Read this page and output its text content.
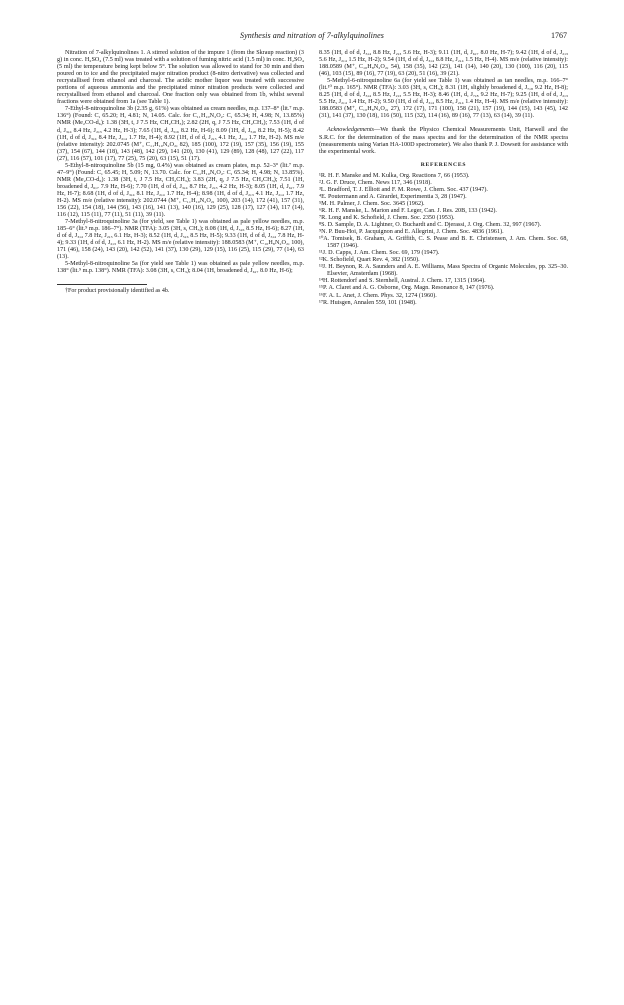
Synthesis and nitration of 7-alkylquinolines	1767

Nitration of 7-alkylquinolines 1. A stirred solution of the impure 1 (from the Skraup reaction) (3 g) in conc. H₂SO₄ (7.5 ml) was treated with a solution of fuming nitric acid (1.5 ml) in conc. H₂SO₄ (5 ml) the temperature being kept below 5°. The solution was allowed to stand for 30 min and then poured on to ice and the precipitated major nitration product (8-nitro derivative) was collected and recrystallised from ethanol and charcoal. The acidic mother liquor was treated with successive portions of aqueous ammonia and the precipitated minor nitration products were collected and recrystallised from ethanol and charcoal. One fraction only was obtained from 1b, whilst several fractions were obtained from 1a (see Table 1).

7-Ethyl-8-nitroquinoline 3b (2.35 g, 61%) was obtained as cream needles, m.p. 137–8° (lit.⁷ m.p. 136°) (Found: C, 65.20; H, 4.81; N, 14.05. Calc. for C₁₁H₁₀N₂O₂: C, 65.34; H, 4.98; N, 13.85%) NMR (Me₂CO-d₆): 1.38 (3H, t, J 7.5 Hz, CH₂CH₃); 2.82 (2H, q, J 7.5 Hz, CH₂CH₃); 7.53 (1H, d of d, J₃,₄ 8.4 Hz, J₂,₃ 4.2 Hz, H-3); 7.65 (1H, d, J₅,₆ 8.2 Hz, H-6); 8.09 (1H, d, J₅,₆ 8.2 Hz, H-5); 8.42 (1H, d of d, J₃,₄ 8.4 Hz, J₂,₄ 1.7 Hz, H-4); 8.92 (1H, d of d, J₂,₃ 4.1 Hz, J₂,₄ 1.7 Hz, H-2). MS m/e (relative intensity): 202.0745 (M⁺, C₁₁H₁₀N₂O₂, 82), 185 (100), 172 (19), 157 (35), 156 (19), 155 (37), 154 (67), 144 (18), 143 (48), 142 (29), 141 (20), 130 (41), 129 (89), 128 (48), 127 (22), 117 (27), 116 (57), 101 (17), 77 (25), 75 (20), 63 (15), 51 (17).

5-Ethyl-8-nitroquinoline 5b (15 mg, 0.4%) was obtained as cream plates, m.p. 52–3° (lit.⁷ m.p. 47–9°) (Found: C, 65.45; H, 5.09; N, 13.70. Calc. for C₁₁H₁₀N₂O₂: C, 65.34; H, 4.98; N, 13.85%). NMR (Me₂CO-d₆): 1.38 (3H, t, J 7.5 Hz, CH₂CH₃); 3.83 (2H, q, J 7.5 Hz, CH₂CH₃); 7.51 (1H, broadened d, J₆,₇ 7.9 Hz, H-6); 7.70 (1H, d of d, J₃,₄ 8.7 Hz, J₂,₃ 4.2 Hz, H-3); 8.05 (1H, d, J₆,₇ 7.9 Hz, H-7); 8.68 (1H, d of d, J₃,₄ 8.1 Hz, J₂,₄ 1.7 Hz, H-4); 8.98 (1H, d of d, J₂,₃ 4.1 Hz, J₂,₄ 1.7 Hz, H-2). MS m/e (relative intensity): 202.0744 (M⁺, C₁₁H₁₀N₂O₂, 100), 203 (14), 172 (41), 157 (31), 156 (22), 154 (18), 144 (56), 143 (16), 141 (13), 140 (16), 129 (25), 128 (17), 127 (14), 117 (14), 116 (12), 115 (11), 77 (11), 51 (11), 39 (11).

7-Methyl-8-nitroquinoline 3a (for yield, see Table 1) was obtained as pale yellow needles, m.p. 185–6° (lit.⁹ m.p. 186–7°). NMR (TFA): 3.05 (3H, s, CH₃); 8.08 (1H, d, J₅,₆ 8.5 Hz, H-6); 8.27 (1H, d of d, J₃,₄ 7.8 Hz, J₂,₃ 6.1 Hz, H-3); 8.52 (1H, d, J₅,₆ 8.5 Hz, H-5); 9.33 (1H, d of d, J₃,₄ 7.8 Hz, H-4); 9.33 (1H, d of d, J₂,₃ 6.1 Hz, H-2). MS m/e (relative intensity): 188.0583 (M⁺, C₁₀H₈N₂O₂, 100), 171 (46), 158 (24), 143 (20), 142 (52), 141 (37), 130 (29), 129 (15), 116 (25), 115 (29), 77 (14), 63 (13).

5-Methyl-8-nitroquinoline 5a (for yield see Table 1) was obtained as pale yellow needles, m.p. 138° (lit.⁹ m.p. 138°). NMR (TFA): 3.08 (3H, s, CH₃); 8.04 (1H, broadened d, J₆,₇ 8.0 Hz, H-6);

†For product provisionally identified as 4b.

8.35 (1H, d of d, J₃,₄ 8.8 Hz, J₂,₃ 5.6 Hz, H-3); 9.11 (1H, d, J₆,₇ 8.0 Hz, H-7); 9.42 (1H, d of d, J₂,₃ 5.6 Hz, J₂,₄ 1.5 Hz, H-2); 9.54 (1H, d of d, J₃,₄ 8.8 Hz, J₂,₄ 1.5 Hz, H-4). MS m/e (relative intensity): 188.0589 (M⁺, C₁₀H₈N₂O₂, 54), 158 (35), 142 (23), 141 (14), 140 (20), 130 (100), 116 (20), 115 (46), 103 (15), 89 (16), 77 (19), 63 (20), 51 (16), 39 (21).

5-Methyl-6-nitroquinoline 6a (for yield see Table 1) was obtained as tan needles, m.p. 166–7° (lit.¹⁰ m.p. 165°). NMR (TFA): 3.03 (3H, s, CH₃); 8.31 (1H, slightly broadened d, J₇,₈ 9.2 Hz, H-8); 8.25 (1H, d of d, J₃,₄ 8.5 Hz, J₂,₃ 5.5 Hz, H-3); 8.46 (1H, d, J₇,₈ 9.2 Hz, H-7); 9.25 (1H, d of d, J₂,₃ 5.5 Hz, J₂,₄ 1.4 Hz, H-2); 9.50 (1H, d of d, J₃,₄ 8.5 Hz, J₂,₄ 1.4 Hz, H-4). MS m/e (relative intensity): 188.0583 (M⁺, C₁₀H₈N₂O₂, 27), 172 (17), 171 (100), 158 (21), 157 (19), 144 (15), 143 (45), 142 (31), 141 (37), 130 (18), 116 (50), 115 (32), 114 (16), 89 (16), 77 (13), 63 (14), 39 (11).

Acknowledgements—We thank the Physico Chemical Measurements Unit, Harwell and the S.R.C. for the determination of the mass spectra and for the determination of the NMR spectra (measurements using Varian HA-100D spectrometer). We also thank P. J. Dowsett for assistance with the experimental work.

REFERENCES

¹R. H. F. Manske and M. Kulka, Org. Reactions 7, 66 (1953).

²J. G. F. Druce, Chem. News 117, 346 (1918).

³L. Bradford, T. J. Elliott and F. M. Rowe, J. Chem. Soc. 437 (1947).

⁴E. Poutermann and A. Girardet, Experimentia 3, 28 (1947).

⁵M. H. Palmer, J. Chem. Soc. 3645 (1962).

⁶R. H. F. Manske, L. Marion and F. Leger, Can. J. Res. 20B, 133 (1942).

⁷R. Long and K. Schofield, J. Chem. Soc. 2350 (1953).

⁸S. D. Sample, D. A. Lightner, O. Buchardt and C. Djerassi, J. Org. Chem. 32, 997 (1967).

⁹N. P. Buu-Hoi, P. Jacquignon and E. Allegrini, J. Chem. Soc. 4836 (1961).

¹⁰A. Tomisek, B. Graham, A. Griffith, C. S. Pease and B. E. Christensen, J. Am. Chem. Soc. 68, 1587 (1946).

¹¹J. D. Capps, J. Am. Chem. Soc. 69, 179 (1947).

¹²K. Schofield, Quart Rev. 4, 382 (1950).

¹³J. H. Beynon, R. A. Saunders and A. E. Williams, Mass Spectra of Organic Molecules, pp. 325–30. Elsevier, Amsterdam (1968).

¹⁴H. Rottendorf and S. Sternhell, Austral. J. Chem. 17, 1315 (1964).

¹⁵P. A. Claret and A. G. Osborne, Org. Magn. Resonance 8, 147 (1976).

¹⁶F. A. L. Anet, J. Chem. Phys. 32, 1274 (1960).

¹⁷R. Huisgen, Annalen 559, 101 (1948).
